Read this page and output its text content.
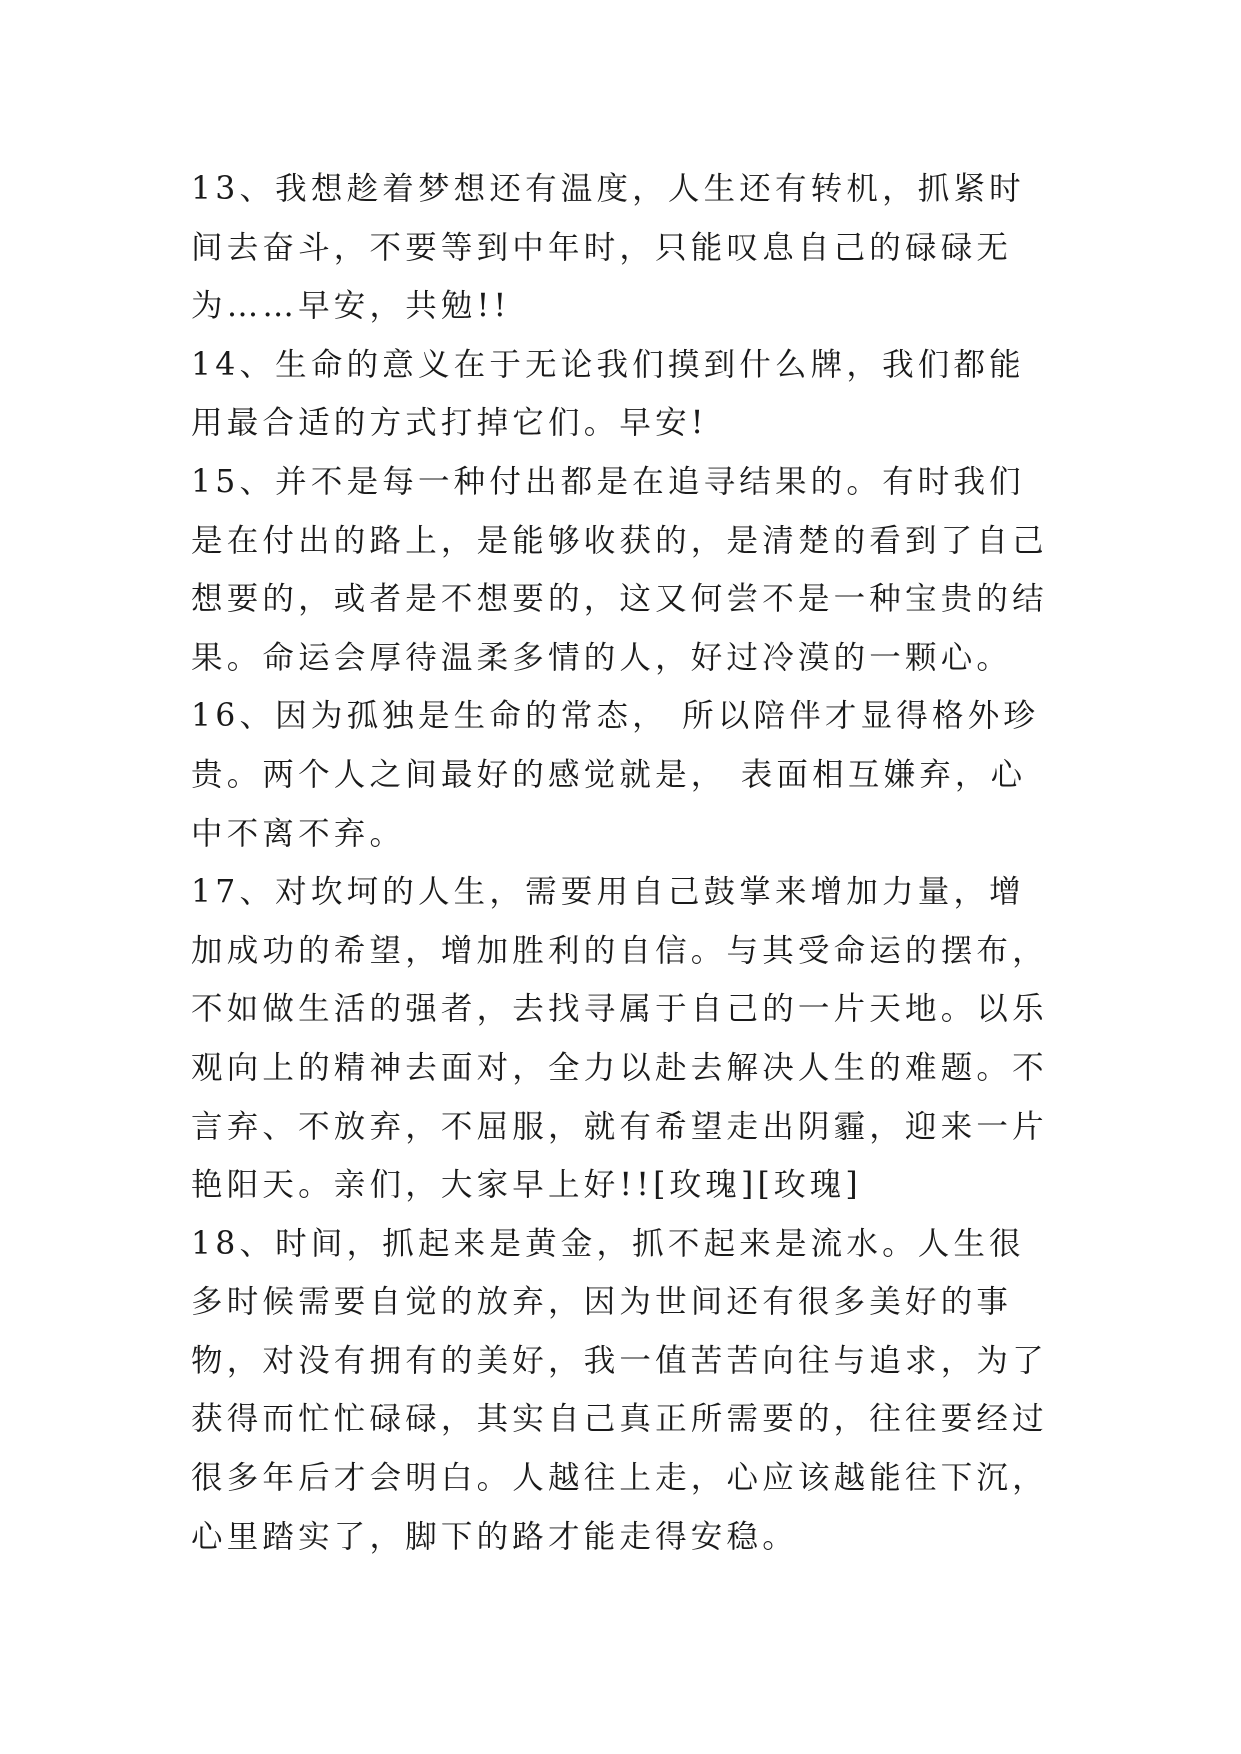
13、我想趁着梦想还有温度，人生还有转机，抓紧时间去奋斗，不要等到中年时，只能叹息自己的碌碌无为……早安，共勉!!

14、生命的意义在于无论我们摸到什么牌，我们都能用最合适的方式打掉它们。早安!

15、并不是每一种付出都是在追寻结果的。有时我们是在付出的路上，是能够收获的，是清楚的看到了自己想要的，或者是不想要的，这又何尝不是一种宝贵的结果。命运会厚待温柔多情的人，好过冷漠的一颗心。

16、因为孤独是生命的常态， 所以陪伴才显得格外珍贵。两个人之间最好的感觉就是， 表面相互嫌弃，心中不离不弃。

17、对坎坷的人生，需要用自己鼓掌来增加力量，增加成功的希望，增加胜利的自信。与其受命运的摆布，不如做生活的强者，去找寻属于自己的一片天地。以乐观向上的精神去面对，全力以赴去解决人生的难题。不言弃、不放弃，不屈服，就有希望走出阴霾，迎来一片艳阳天。亲们，大家早上好!![玫瑰][玫瑰]

18、时间，抓起来是黄金，抓不起来是流水。人生很多时候需要自觉的放弃，因为世间还有很多美好的事物，对没有拥有的美好，我一值苦苦向往与追求，为了获得而忙忙碌碌，其实自己真正所需要的，往往要经过很多年后才会明白。人越往上走，心应该越能往下沉，心里踏实了，脚下的路才能走得安稳。
